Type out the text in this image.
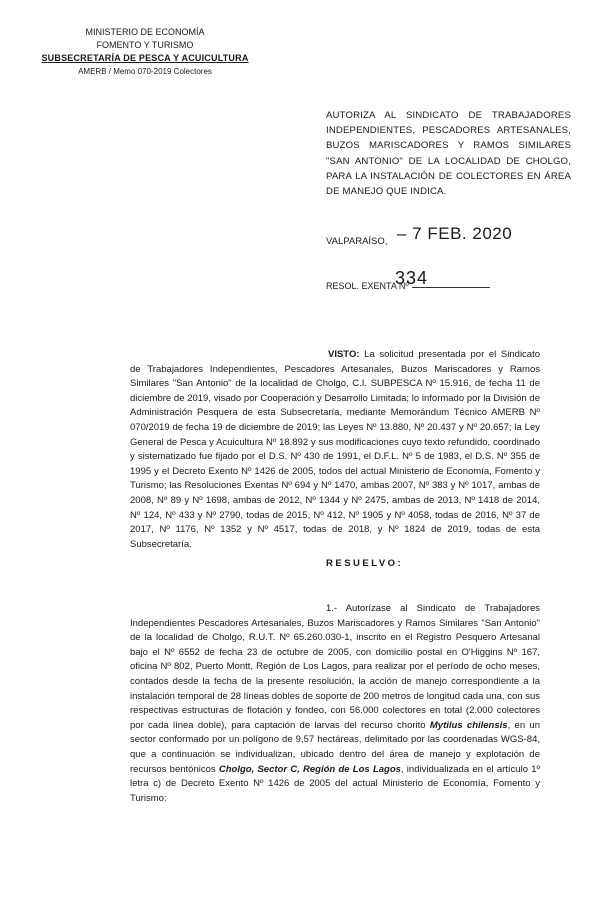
MINISTERIO DE ECONOMÍA
FOMENTO Y TURISMO
SUBSECRETARÍA DE PESCA Y ACUICULTURA
AMERB / Memo 070-2019 Colectores
AUTORIZA AL SINDICATO DE TRABAJADORES INDEPENDIENTES, PESCADORES ARTESANALES, BUZOS MARISCADORES Y RAMOS SIMILARES "SAN ANTONIO" DE LA LOCALIDAD DE CHOLGO, PARA LA INSTALACIÓN DE COLECTORES EN ÁREA DE MANEJO QUE INDICA.
VALPARAÍSO, – 7 FEB. 2020
RESOL. EXENTA Nº
334
VISTO: La solicitud presentada por el Sindicato de Trabajadores Independientes, Pescadores Artesanales, Buzos Mariscadores y Ramos Similares "San Antonio" de la localidad de Cholgo, C.I. SUBPESCA Nº 15.916, de fecha 11 de diciembre de 2019, visado por Cooperación y Desarrollo Limitada; lo informado por la División de Administración Pesquera de esta Subsecretaría, mediante Memorándum Técnico AMERB Nº 070/2019 de fecha 19 de diciembre de 2019; las Leyes Nº 13.880, Nº 20.437 y Nº 20.657; la Ley General de Pesca y Acuicultura Nº 18.892 y sus modificaciones cuyo texto refundido, coordinado y sistematizado fue fijado por el D.S. Nº 430 de 1991, el D.F.L. Nº 5 de 1983, el D.S. Nº 355 de 1995 y el Decreto Exento Nº 1426 de 2005, todos del actual Ministerio de Economía, Fomento y Turismo; las Resoluciones Exentas Nº 694 y Nº 1470, ambas 2007, Nº 383 y Nº 1017, ambas de 2008, Nº 89 y Nº 1698, ambas de 2012, Nº 1344 y Nº 2475, ambas de 2013, Nº 1418 de 2014, Nº 124, Nº 433 y Nº 2790, todas de 2015, Nº 412, Nº 1905 y Nº 4058, todas de 2016, Nº 37 de 2017, Nº 1176, Nº 1352 y Nº 4517, todas de 2018, y Nº 1824 de 2019, todas de esta Subsecretaría.
RESUELVO:
1.- Autorízase al Sindicato de Trabajadores Independientes Pescadores Artesanales, Buzos Mariscadores y Ramos Similares "San Antonio" de la localidad de Cholgo, R.U.T. Nº 65.260.030-1, inscrito en el Registro Pesquero Artesanal bajo el Nº 6552 de fecha 23 de octubre de 2005, con domicilio postal en O'Higgins Nº 167, oficina Nº 802, Puerto Montt, Región de Los Lagos, para realizar por el período de ocho meses, contados desde la fecha de la presente resolución, la acción de manejo correspondiente a la instalación temporal de 28 líneas dobles de soporte de 200 metros de longitud cada una, con sus respectivas estructuras de flotación y fondeo, con 56.000 colectores en total (2.000 colectores por cada línea doble), para captación de larvas del recurso chorito Mytilus chilensis, en un sector conformado por un polígono de 9,57 hectáreas, delimitado por las coordenadas WGS-84, que a continuación se individualizan, ubicado dentro del área de manejo y explotación de recursos bentónicos Cholgo, Sector C, Región de Los Lagos, individualizada en el artículo 1º letra c) de Decreto Exento Nº 1426 de 2005 del actual Ministerio de Economía, Fomento y Turismo:
